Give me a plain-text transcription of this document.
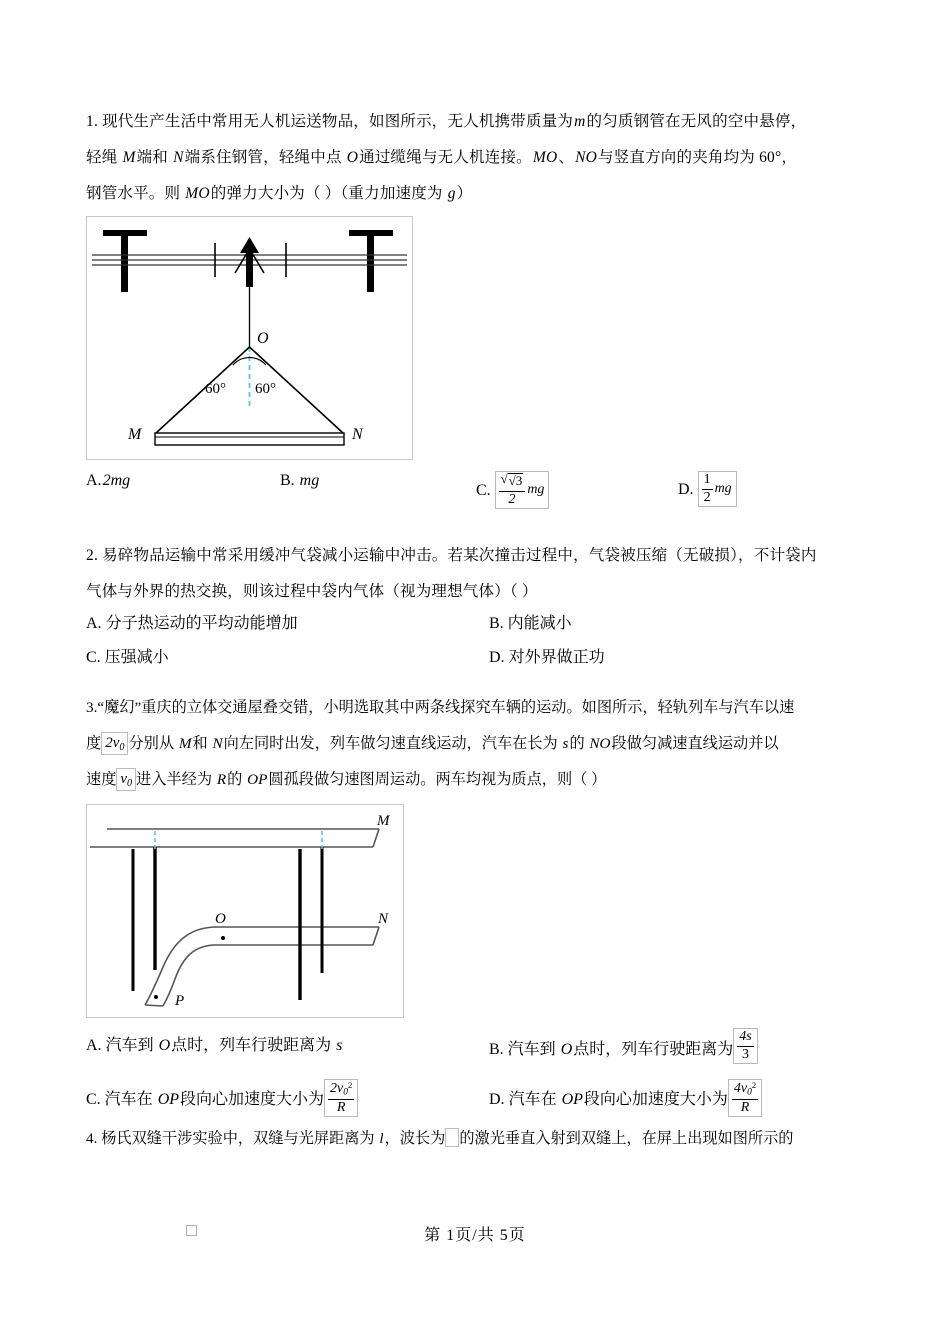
1. 现代生产生活中常用无人机运送物品，如图所示，无人机携带质量为m的匀质钢管在无风的空中悬停，
轻绳 M端和 N端系住钢管，轻绳中点 O通过缆绳与无人机连接。MO、NO与竖直方向的夹角均为 60°，
钢管水平。则 MO的弹力大小为（ ）（重力加速度为 g）
O
M	N
60° 60°
A.2mg	B. mg
C. √ $\frac{√3}{2}$ mg	D. $\frac{1}{2}$ mg
2. 易碎物品运输中常采用缓冲气袋减小运输中冲击。若某次撞击过程中，气袋被压缩（无破损），不计袋内
气体与外界的热交换，则该过程中袋内气体（视为理想气体）（ ）
A. 分子热运动的平均动能增加	B. 内能减小
C. 压强减小	D. 对外界做正功
3.“魔幻”重庆的立体交通屋叠交错，小明选取其中两条线探究车辆的运动。如图所示，轻轨列车与汽车以速
度 $2v_0$ 分别从 M和 N向左同时出发，列车做匀速直线运动，汽车在长为 s的 NO段做匀减速直线运动并以
速度 $v_0$ 进入半经为 R的 OP圆孤段做匀速图周运动。两车均视为质点，则（ ）
M
N
O
P
A. 汽车到 O点时，列车行驶距离为 s	B. 汽车到 O点时，列车行驶距离为 $\frac{4s}{3}$
C. 汽车在 OP段向心加速度大小为 $\frac{2v_0^2}{R}$	D. 汽车在 OP段向心加速度大小为 $\frac{4v_0^2}{R}$
4. 杨氏双缝干涉实验中，双缝与光屏距离为 l，波长为 的激光垂直入射到双缝上，在屏上出现如图所示的
第 1页/共 5页
